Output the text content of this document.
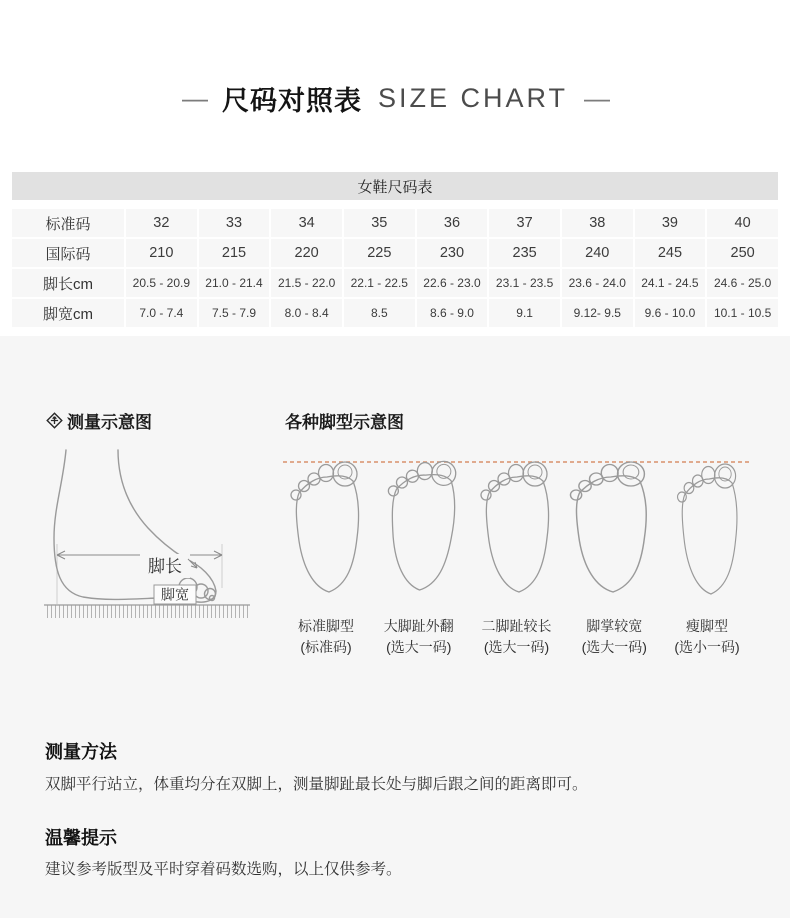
— 尺码对照表 SIZE CHART —
女鞋尺码表
标准码	32	33	34	35	36	37	38	39	40
国际码	210	215	220	225	230	235	240	245	250
脚长cm	20.5 - 20.9	21.0 - 21.4	21.5 - 22.0	22.1 - 22.5	22.6 - 23.0	23.1 - 23.5	23.6 - 24.0	24.1 - 24.5	24.6 - 25.0
脚宽cm	7.0 - 7.4	7.5 - 7.9	8.0 - 8.4	8.5	8.6 - 9.0	9.1	9.12- 9.5	9.6 - 10.0	10.1 - 10.5
测量示意图	各种脚型示意图
脚长
脚宽
标准脚型
(标准码)
大脚趾外翻
(选大一码)
二脚趾较长
(选大一码)
脚掌较宽
(选大一码)
瘦脚型
(选小一码)
测量方法
双脚平行站立，体重均分在双脚上，测量脚趾最长处与脚后跟之间的距离即可。
温馨提示
建议参考版型及平时穿着码数选购，以上仅供参考。
